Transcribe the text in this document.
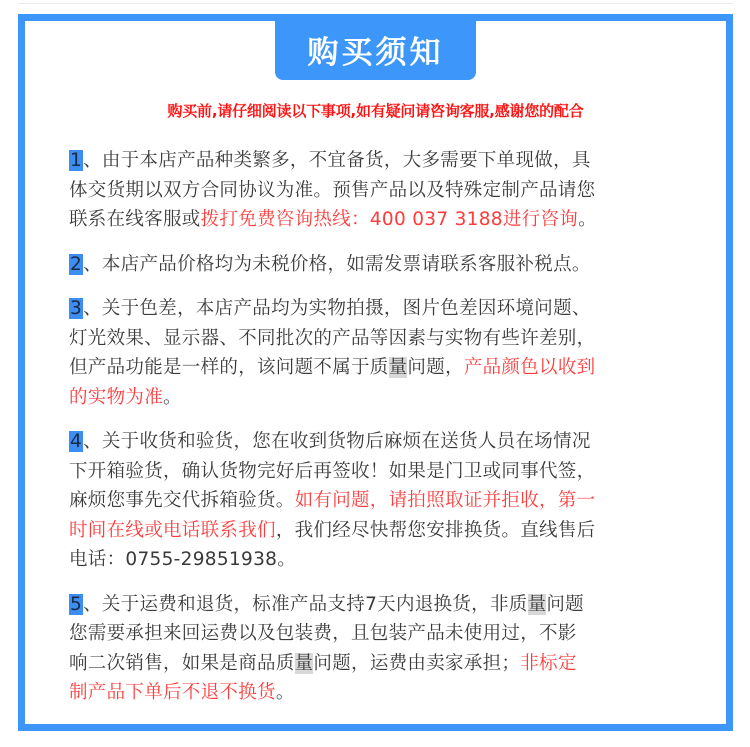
购买须知
购买前,请仔细阅读以下事项,如有疑问请咨询客服,感谢您的配合
1、由于本店产品种类繁多，不宜备货，大多需要下单现做，具
体交货期以双方合同协议为准。预售产品以及特殊定制产品请您
联系在线客服或拨打免费咨询热线：400 037 3188进行咨询。
2、本店产品价格均为未税价格，如需发票请联系客服补税点。
3、关于色差，本店产品均为实物拍摄，图片色差因环境问题、
灯光效果、显示器、不同批次的产品等因素与实物有些许差别，
但产品功能是一样的，该问题不属于质量问题，产品颜色以收到
的实物为准。
4、关于收货和验货，您在收到货物后麻烦在送货人员在场情况
下开箱验货，确认货物完好后再签收！如果是门卫或同事代签，
麻烦您事先交代拆箱验货。如有问题，请拍照取证并拒收，第一
时间在线或电话联系我们，我们经尽快帮您安排换货。直线售后
电话：0755-29851938。
5、关于运费和退货，标准产品支持7天内退换货，非质量问题
您需要承担来回运费以及包装费，且包装产品未使用过，不影
响二次销售，如果是商品质量问题，运费由卖家承担；非标定
制产品下单后不退不换货。
